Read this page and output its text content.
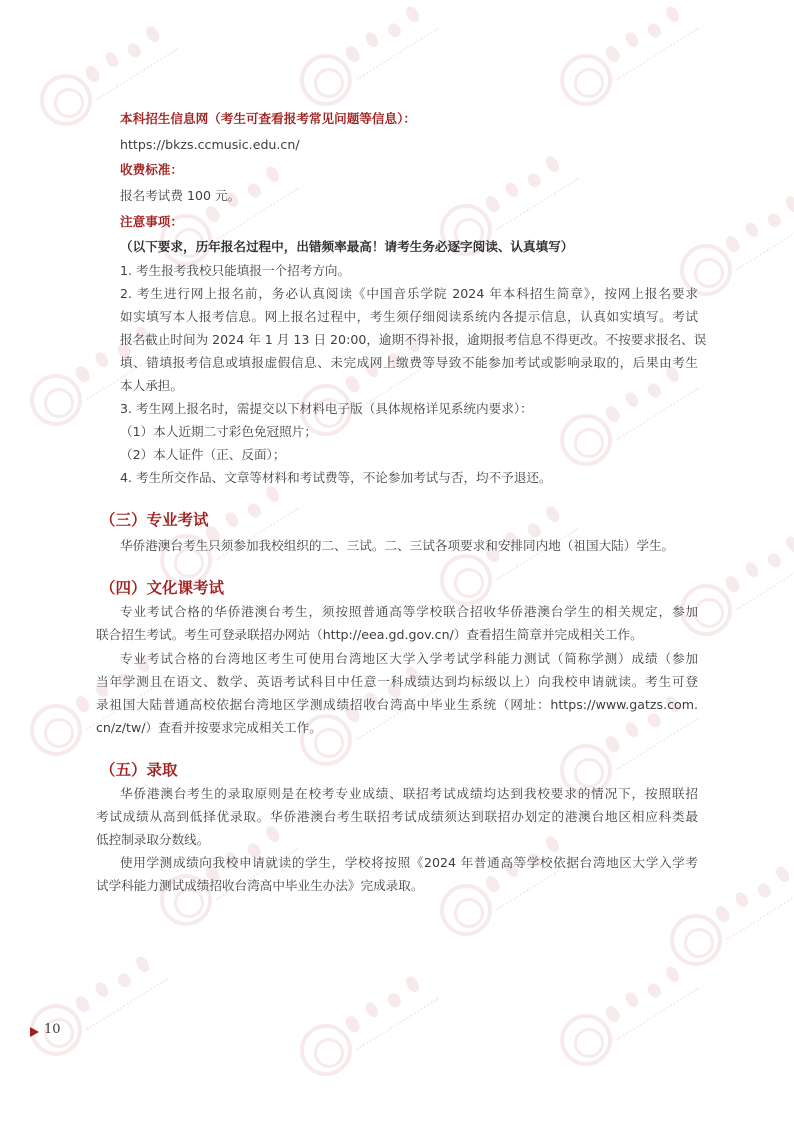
本科招生信息网（考生可查看报考常见问题等信息）：
https://bkzs.ccmusic.edu.cn/
收费标准：
报名考试费 100 元。
注意事项：
（以下要求，历年报名过程中，出错频率最高！请考生务必逐字阅读、认真填写）
1. 考生报考我校只能填报一个招考方向。
2. 考生进行网上报名前，务必认真阅读《中国音乐学院 2024 年本科招生简章》，按网上报名要求
如实填写本人报考信息。网上报名过程中，考生须仔细阅读系统内各提示信息，认真如实填写。考试
报名截止时间为 2024 年 1 月 13 日 20:00，逾期不得补报，逾期报考信息不得更改。不按要求报名、误
填、错填报考信息或填报虚假信息、未完成网上缴费等导致不能参加考试或影响录取的，后果由考生
本人承担。
3. 考生网上报名时，需提交以下材料电子版（具体规格详见系统内要求）：
（1）本人近期二寸彩色免冠照片；
（2）本人证件（正、反面）；
4. 考生所交作品、文章等材料和考试费等，不论参加考试与否，均不予退还。
（三）专业考试
华侨港澳台考生只须参加我校组织的二、三试。二、三试各项要求和安排同内地（祖国大陆）学生。
（四）文化课考试
专业考试合格的华侨港澳台考生，须按照普通高等学校联合招收华侨港澳台学生的相关规定，参加
联合招生考试。考生可登录联招办网站（http://eea.gd.gov.cn/）查看招生简章并完成相关工作。
专业考试合格的台湾地区考生可使用台湾地区大学入学考试学科能力测试（简称学测）成绩（参加
当年学测且在语文、数学、英语考试科目中任意一科成绩达到均标级以上）向我校申请就读。考生可登
录祖国大陆普通高校依据台湾地区学测成绩招收台湾高中毕业生系统（网址：https://www.gatzs.com.
cn/z/tw/）查看并按要求完成相关工作。
（五）录取
华侨港澳台考生的录取原则是在校考专业成绩、联招考试成绩均达到我校要求的情况下，按照联招
考试成绩从高到低择优录取。华侨港澳台考生联招考试成绩须达到联招办划定的港澳台地区相应科类最
低控制录取分数线。
使用学测成绩向我校申请就读的学生，学校将按照《2024 年普通高等学校依据台湾地区大学入学考
试学科能力测试成绩招收台湾高中毕业生办法》完成录取。
10
